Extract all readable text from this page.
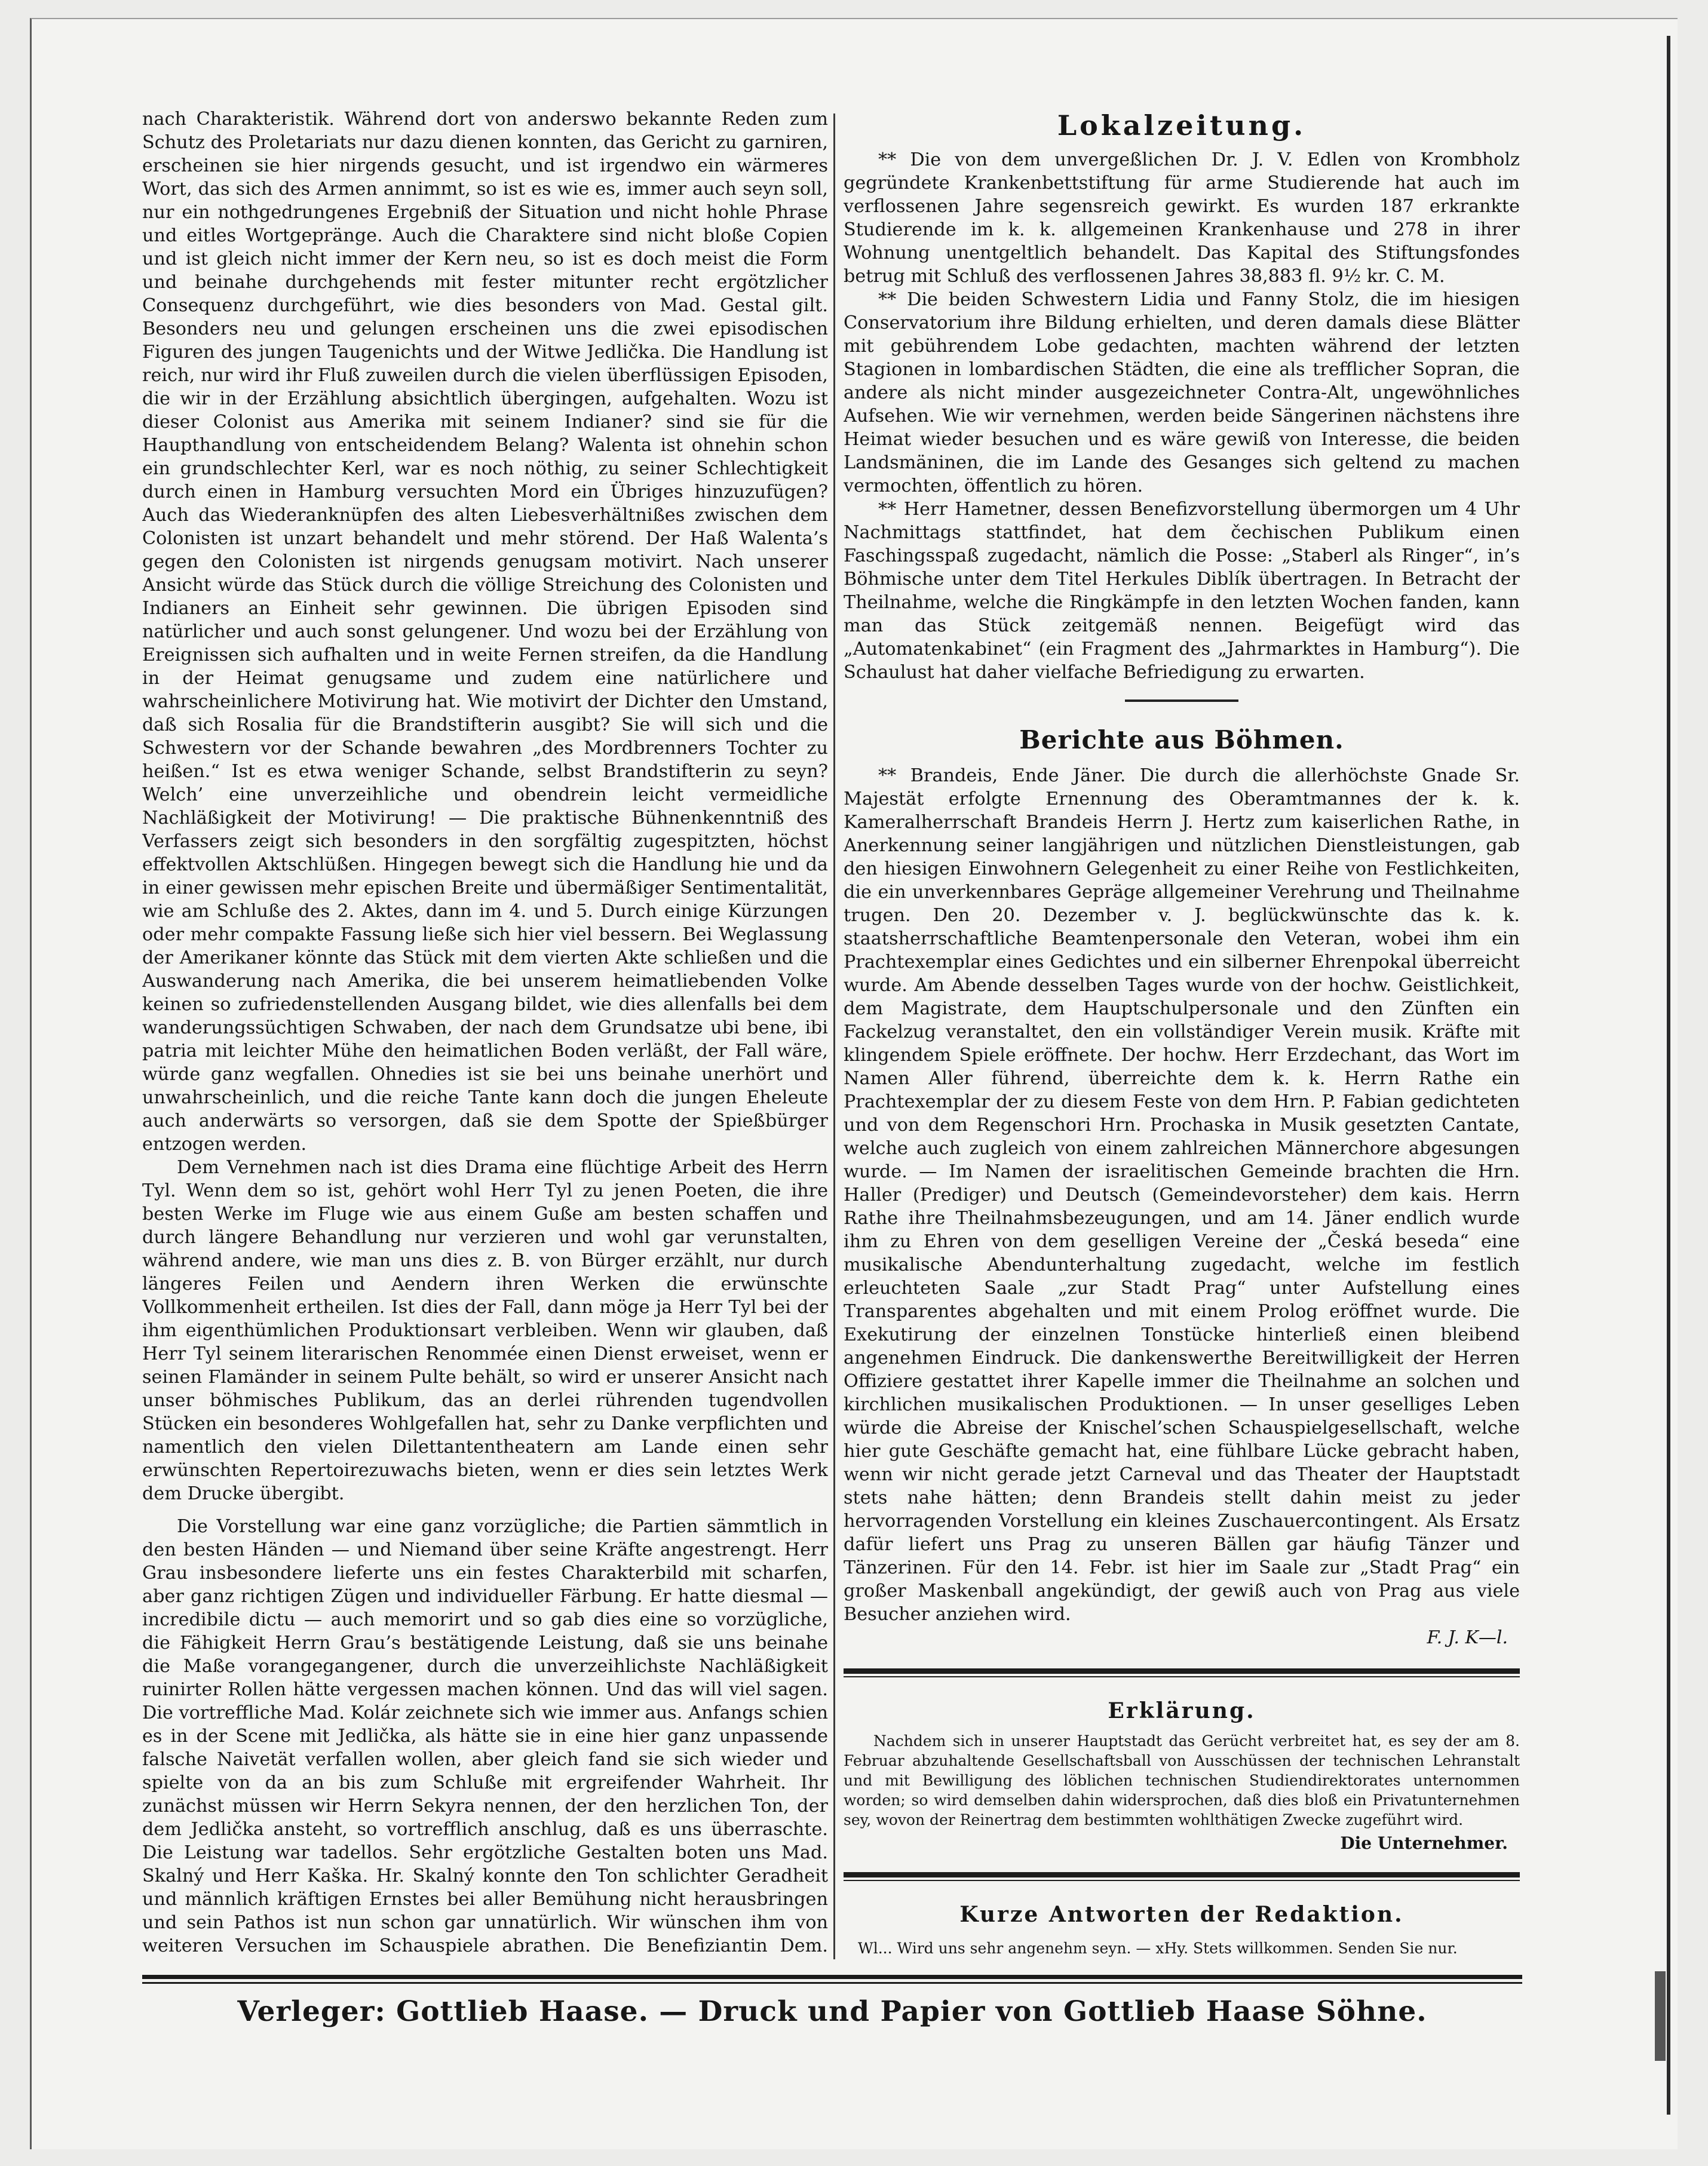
nach Charakteristik. Während dort von anderswo bekannte Reden zum Schutz des Proletariats nur dazu dienen konnten, das Gericht zu garniren, erscheinen sie hier nirgends gesucht, und ist irgendwo ein wärmeres Wort, das sich des Armen annimmt, so ist es wie es, immer auch seyn soll, nur ein nothgedrungenes Ergebniß der Situation und nicht hohle Phrase und eitles Wortgepränge. Auch die Charaktere sind nicht bloße Copien und ist gleich nicht immer der Kern neu, so ist es doch meist die Form und beinahe durchgehends mit fester mitunter recht ergötzlicher Consequenz durchgeführt, wie dies besonders von Mad. Gestal gilt. Besonders neu und gelungen erscheinen uns die zwei episodischen Figuren des jungen Taugenichts und der Witwe Jedlička. Die Handlung ist reich, nur wird ihr Fluß zuweilen durch die vielen überflüssigen Episoden, die wir in der Erzählung absichtlich übergingen, aufgehalten. Wozu ist dieser Colonist aus Amerika mit seinem Indianer? sind sie für die Haupthandlung von entscheidendem Belang? Walenta ist ohnehin schon ein grundschlechter Kerl, war es noch nöthig, zu seiner Schlechtigkeit durch einen in Hamburg versuchten Mord ein Übriges hinzuzufügen? Auch das Wiederanknüpfen des alten Liebesverhältnißes zwischen dem Colonisten ist unzart behandelt und mehr störend. Der Haß Walenta’s gegen den Colonisten ist nirgends genugsam motivirt. Nach unserer Ansicht würde das Stück durch die völlige Streichung des Colonisten und Indianers an Einheit sehr gewinnen. Die übrigen Episoden sind natürlicher und auch sonst gelungener. Und wozu bei der Erzählung von Ereignissen sich aufhalten und in weite Fernen streifen, da die Handlung in der Heimat genugsame und zudem eine natürlichere und wahrscheinlichere Motivirung hat. Wie motivirt der Dichter den Umstand, daß sich Rosalia für die Brandstifterin ausgibt? Sie will sich und die Schwestern vor der Schande bewahren „des Mordbrenners Tochter zu heißen.“ Ist es etwa weniger Schande, selbst Brandstifterin zu seyn? Welch’ eine unverzeihliche und obendrein leicht vermeidliche Nachläßigkeit der Motivirung! — Die praktische Bühnenkenntniß des Verfassers zeigt sich besonders in den sorgfältig zugespitzten, höchst effektvollen Aktschlüßen. Hingegen bewegt sich die Handlung hie und da in einer gewissen mehr epischen Breite und übermäßiger Sentimentalität, wie am Schluße des 2. Aktes, dann im 4. und 5. Durch einige Kürzungen oder mehr compakte Fassung ließe sich hier viel bessern. Bei Weglassung der Amerikaner könnte das Stück mit dem vierten Akte schließen und die Auswanderung nach Amerika, die bei unserem heimatliebenden Volke keinen so zufriedenstellenden Ausgang bildet, wie dies allenfalls bei dem wanderungssüchtigen Schwaben, der nach dem Grundsatze ubi bene, ibi patria mit leichter Mühe den heimatlichen Boden verläßt, der Fall wäre, würde ganz wegfallen. Ohnedies ist sie bei uns beinahe unerhört und unwahrscheinlich, und die reiche Tante kann doch die jungen Eheleute auch anderwärts so versorgen, daß sie dem Spotte der Spießbürger entzogen werden.

Dem Vernehmen nach ist dies Drama eine flüchtige Arbeit des Herrn Tyl. Wenn dem so ist, gehört wohl Herr Tyl zu jenen Poeten, die ihre besten Werke im Fluge wie aus einem Guße am besten schaffen und durch längere Behandlung nur verzieren und wohl gar verunstalten, während andere, wie man uns dies z. B. von Bürger erzählt, nur durch längeres Feilen und Aendern ihren Werken die erwünschte Vollkommenheit ertheilen. Ist dies der Fall, dann möge ja Herr Tyl bei der ihm eigenthümlichen Produktionsart verbleiben. Wenn wir glauben, daß Herr Tyl seinem literarischen Renommée einen Dienst erweiset, wenn er seinen Flamänder in seinem Pulte behält, so wird er unserer Ansicht nach unser böhmisches Publikum, das an derlei rührenden tugendvollen Stücken ein besonderes Wohlgefallen hat, sehr zu Danke verpflichten und namentlich den vielen Dilettantentheatern am Lande einen sehr erwünschten Repertoirezuwachs bieten, wenn er dies sein letztes Werk dem Drucke übergibt.

Die Vorstellung war eine ganz vorzügliche; die Partien sämmtlich in den besten Händen — und Niemand über seine Kräfte angestrengt. Herr Grau insbesondere lieferte uns ein festes Charakterbild mit scharfen, aber ganz richtigen Zügen und individueller Färbung. Er hatte diesmal — incredibile dictu — auch memorirt und so gab dies eine so vorzügliche, die Fähigkeit Herrn Grau’s bestätigende Leistung, daß sie uns beinahe die Maße vorangegangener, durch die unverzeihlichste Nachläßigkeit ruinirter Rollen hätte vergessen machen können. Und das will viel sagen. Die vortreffliche Mad. Kolár zeichnete sich wie immer aus. Anfangs schien es in der Scene mit Jedlička, als hätte sie in eine hier ganz unpassende falsche Naivetät verfallen wollen, aber gleich fand sie sich wieder und spielte von da an bis zum Schluße mit ergreifender Wahrheit. Ihr zunächst müssen wir Herrn Sekyra nennen, der den herzlichen Ton, der dem Jedlička ansteht, so vortrefflich anschlug, daß es uns überraschte. Die Leistung war tadellos. Sehr ergötzliche Gestalten boten uns Mad. Skalný und Herr Kaška. Hr. Skalný konnte den Ton schlichter Geradheit und männlich kräftigen Ernstes bei aller Bemühung nicht herausbringen und sein Pathos ist nun schon gar unnatürlich. Wir wünschen ihm von weiteren Versuchen im Schauspiele abrathen. Die Benefiziantin Dem.

Lokalzeitung.

** Die von dem unvergeßlichen Dr. J. V. Edlen von Krombholz gegründete Krankenbettstiftung für arme Studierende hat auch im verflossenen Jahre segensreich gewirkt. Es wurden 187 erkrankte Studierende im k. k. allgemeinen Krankenhause und 278 in ihrer Wohnung unentgeltlich behandelt. Das Kapital des Stiftungsfondes betrug mit Schluß des verflossenen Jahres 38,883 fl. 9½ kr. C. M.

** Die beiden Schwestern Lidia und Fanny Stolz, die im hiesigen Conservatorium ihre Bildung erhielten, und deren damals diese Blätter mit gebührendem Lobe gedachten, machten während der letzten Stagionen in lombardischen Städten, die eine als trefflicher Sopran, die andere als nicht minder ausgezeichneter Contra-Alt, ungewöhnliches Aufsehen. Wie wir vernehmen, werden beide Sängerinen nächstens ihre Heimat wieder besuchen und es wäre gewiß von Interesse, die beiden Landsmäninen, die im Lande des Gesanges sich geltend zu machen vermochten, öffentlich zu hören.

** Herr Hametner, dessen Benefizvorstellung übermorgen um 4 Uhr Nachmittags stattfindet, hat dem čechischen Publikum einen Faschingsspaß zugedacht, nämlich die Posse: „Staberl als Ringer“, in’s Böhmische unter dem Titel Herkules Diblík übertragen. In Betracht der Theilnahme, welche die Ringkämpfe in den letzten Wochen fanden, kann man das Stück zeitgemäß nennen. Beigefügt wird das „Automatenkabinet“ (ein Fragment des „Jahrmarktes in Hamburg“). Die Schaulust hat daher vielfache Befriedigung zu erwarten.

Berichte aus Böhmen.

** Brandeis, Ende Jäner. Die durch die allerhöchste Gnade Sr. Majestät erfolgte Ernennung des Oberamtmannes der k. k. Kameralherrschaft Brandeis Herrn J. Hertz zum kaiserlichen Rathe, in Anerkennung seiner langjährigen und nützlichen Dienstleistungen, gab den hiesigen Einwohnern Gelegenheit zu einer Reihe von Festlichkeiten, die ein unverkennbares Gepräge allgemeiner Verehrung und Theilnahme trugen. Den 20. Dezember v. J. beglückwünschte das k. k. staatsherrschaftliche Beamtenpersonale den Veteran, wobei ihm ein Prachtexemplar eines Gedichtes und ein silberner Ehrenpokal überreicht wurde. Am Abende desselben Tages wurde von der hochw. Geistlichkeit, dem Magistrate, dem Hauptschulpersonale und den Zünften ein Fackelzug veranstaltet, den ein vollständiger Verein musik. Kräfte mit klingendem Spiele eröffnete. Der hochw. Herr Erzdechant, das Wort im Namen Aller führend, überreichte dem k. k. Herrn Rathe ein Prachtexemplar der zu diesem Feste von dem Hrn. P. Fabian gedichteten und von dem Regenschori Hrn. Prochaska in Musik gesetzten Cantate, welche auch zugleich von einem zahlreichen Männerchore abgesungen wurde. — Im Namen der israelitischen Gemeinde brachten die Hrn. Haller (Prediger) und Deutsch (Gemeindevorsteher) dem kais. Herrn Rathe ihre Theilnahmsbezeugungen, und am 14. Jäner endlich wurde ihm zu Ehren von dem geselligen Vereine der „Česká beseda“ eine musikalische Abendunterhaltung zugedacht, welche im festlich erleuchteten Saale „zur Stadt Prag“ unter Aufstellung eines Transparentes abgehalten und mit einem Prolog eröffnet wurde. Die Exekutirung der einzelnen Tonstücke hinterließ einen bleibend angenehmen Eindruck. Die dankenswerthe Bereitwilligkeit der Herren Offiziere gestattet ihrer Kapelle immer die Theilnahme an solchen und kirchlichen musikalischen Produktionen. — In unser geselliges Leben würde die Abreise der Knischel’schen Schauspielgesellschaft, welche hier gute Geschäfte gemacht hat, eine fühlbare Lücke gebracht haben, wenn wir nicht gerade jetzt Carneval und das Theater der Hauptstadt stets nahe hätten; denn Brandeis stellt dahin meist zu jeder hervorragenden Vorstellung ein kleines Zuschauercontingent. Als Ersatz dafür liefert uns Prag zu unseren Bällen gar häufig Tänzer und Tänzerinen. Für den 14. Febr. ist hier im Saale zur „Stadt Prag“ ein großer Maskenball angekündigt, der gewiß auch von Prag aus viele Besucher anziehen wird.

F. J. K—l.

Erklärung.

Nachdem sich in unserer Hauptstadt das Gerücht verbreitet hat, es sey der am 8. Februar abzuhaltende Gesellschaftsball von Ausschüssen der technischen Lehranstalt und mit Bewilligung des löblichen technischen Studiendirektorates unternommen worden; so wird demselben dahin widersprochen, daß dies bloß ein Privatunternehmen sey, wovon der Reinertrag dem bestimmten wohlthätigen Zwecke zugeführt wird.

Die Unternehmer.

Kurze Antworten der Redaktion.

Wl... Wird uns sehr angenehm seyn. — xHy. Stets willkommen. Senden Sie nur.

Verleger: Gottlieb Haase. — Druck und Papier von Gottlieb Haase Söhne.
